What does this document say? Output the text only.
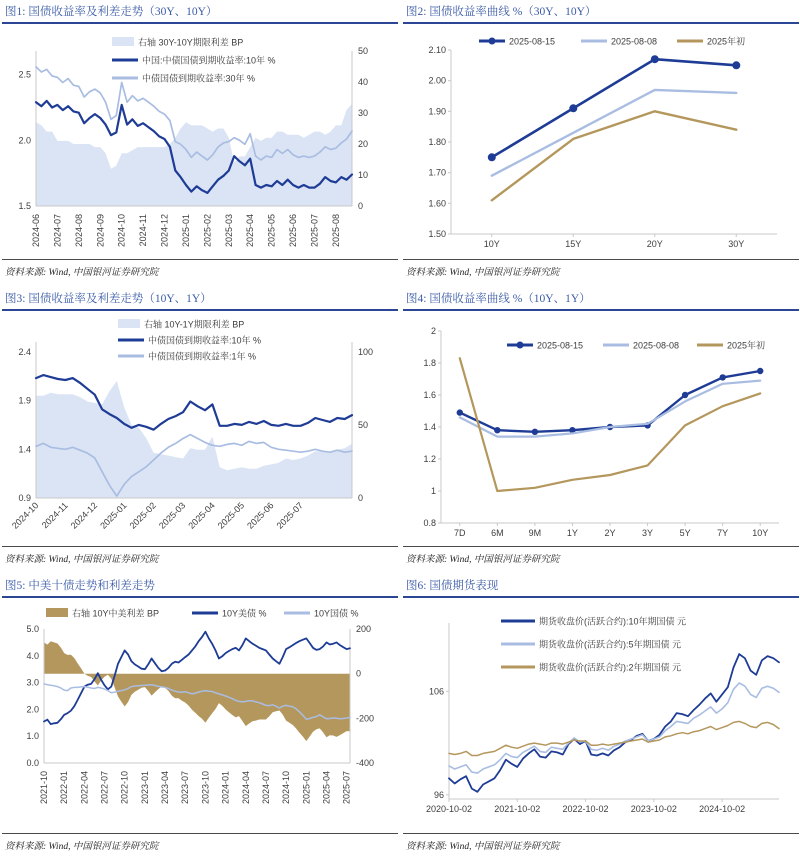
图1: 国债收益率及利差走势（30Y、10Y）
1.5
2.0
2.5
0
10
20
30
40
50
2024-06 2024-07 2024-08 2024-09 2024-10 2024-11 2024-12 2025-01 2025-02 2025-03 2025-04 2025-05 2025-06 2025-07 2025-08
右轴 30Y-10Y期限利差 BP
中国:中债国债到期收益率:10年 %
中债国债到期收益率:30年 %
资料来源: Wind, 中国银河证券研究院
图2: 国债收益率曲线 %（30Y、10Y）
1.50
1.60
1.70
1.80
1.90
2.00
2.10
10Y	15Y	20Y	30Y
2025-08-15	2025-08-08	2025年初
资料来源: Wind, 中国银河证券研究院
图3: 国债收益率及利差走势（10Y、1Y）
0.9
1.4
1.9
2.4
0
50
100
2024-10 2024-11
2024-12
2025-01
2025-02
2025-03
2025-04
2025-05
2025-06
2025-07
右轴 10Y-1Y期限利差 BP
中债国债到期收益率:10年 %
中债国债到期收益率:1年 %
资料来源: Wind, 中国银河证券研究院
图4: 国债收益率曲线 %（10Y、1Y）
0.8
1
1.2
1.4
1.6
1.8
2
7D	6M	9M	1Y	2Y	3Y	5Y	7Y	10Y
2025-08-15	2025-08-08	2025年初
资料来源: Wind, 中国银河证券研究院
图5: 中美十债走势和利差走势
0.0
1.0
2.0
3.0
4.0
5.0
-400
-200
0
200
2021-10 2022-01 2022-04 2022-07 2022-10 2023-01 2023-04 2023-07 2023-10 2024-01 2024-04 2024-07 2024-10 2025-01 2025-04 2025-07
右轴 10Y中美利差 BP	10Y美债 %	10Y国债 %
资料来源: Wind, 中国银河证券研究院
图6: 国债期货表现
96
106
2020-10-02 2021-10-02 2022-10-02 2023-10-02 2024-10-02
期货收盘价(活跃合约):10年期国债 元
期货收盘价(活跃合约):5年期国债 元
期货收盘价(活跃合约):2年期国债 元
资料来源: Wind, 中国银河证券研究院
